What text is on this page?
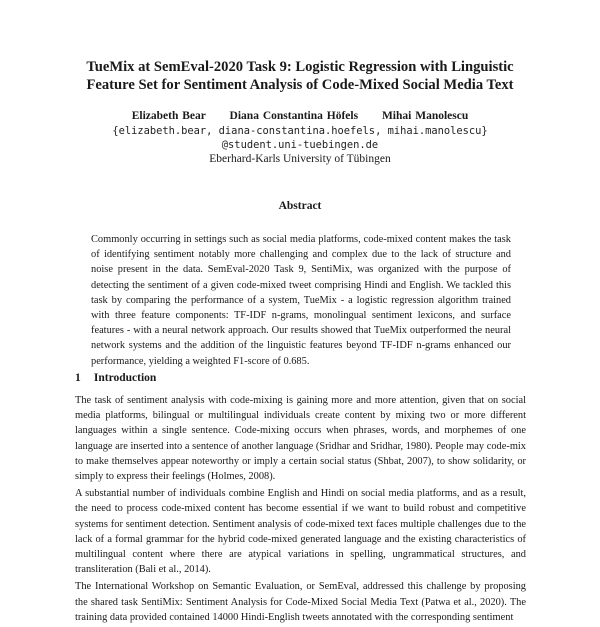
TueMix at SemEval-2020 Task 9: Logistic Regression with Linguistic
Feature Set for Sentiment Analysis of Code-Mixed Social Media Text
Elizabeth Bear Diana Constantina Höfels Mihai Manolescu
{elizabeth.bear, diana-constantina.hoefels, mihai.manolescu}
@student.uni-tuebingen.de
Eberhard-Karls University of Tübingen
Abstract
Commonly occurring in settings such as social media platforms, code-mixed content makes the task of identifying sentiment notably more challenging and complex due to the lack of structure and noise present in the data. SemEval-2020 Task 9, SentiMix, was organized with the purpose of detecting the sentiment of a given code-mixed tweet comprising Hindi and English. We tackled this task by comparing the performance of a system, TueMix - a logistic regression algorithm trained with three feature components: TF-IDF n-grams, monolingual sentiment lexicons, and surface features - with a neural network approach. Our results showed that TueMix outperformed the neural network systems and the addition of the linguistic features beyond TF-IDF n-grams enhanced our performance, yielding a weighted F1-score of 0.685.
1 Introduction

The task of sentiment analysis with code-mixing is gaining more and more attention, given that on social media platforms, bilingual or multilingual individuals create content by mixing two or more different languages within a single sentence. Code-mixing occurs when phrases, words, and morphemes of one language are inserted into a sentence of another language (Sridhar and Sridhar, 1980). People may code-mix to make themselves appear noteworthy or imply a certain social status (Shbat, 2007), to show solidarity, or simply to express their feelings (Holmes, 2008).

A substantial number of individuals combine English and Hindi on social media platforms, and as a result, the need to process code-mixed content has become essential if we want to build robust and competitive systems for sentiment detection. Sentiment analysis of code-mixed text faces multiple challenges due to the lack of a formal grammar for the hybrid code-mixed generated language and the existing characteristics of multilingual content where there are atypical variations in spelling, ungrammatical structures, and transliteration (Bali et al., 2014).

The International Workshop on Semantic Evaluation, or SemEval, addressed this challenge by proposing the shared task SentiMix: Sentiment Analysis for Code-Mixed Social Media Text (Patwa et al., 2020). The training data provided contained 14000 Hindi-English tweets annotated with the corresponding sentiment
